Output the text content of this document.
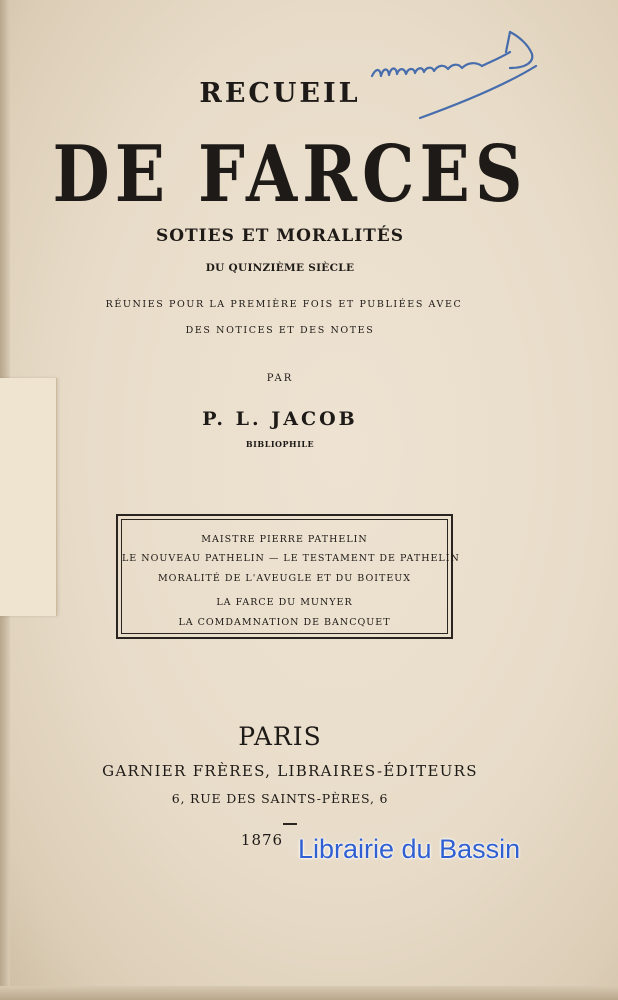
RECUEIL
DE FARCES
SOTIES ET MORALITÉS
DU QUINZIÈME SIÈCLE
RÉUNIES POUR LA PREMIÈRE FOIS ET PUBLIÉES AVEC
DES NOTICES ET DES NOTES
PAR
P. L. JACOB
BIBLIOPHILE
MAISTRE PIERRE PATHELIN
LE NOUVEAU PATHELIN — LE TESTAMENT DE PATHELIN
MORALITÉ DE L'AVEUGLE ET DU BOITEUX
LA FARCE DU MUNYER
LA COMDAMNATION DE BANCQUET
PARIS
GARNIER FRÈRES, LIBRAIRES-ÉDITEURS
6, RUE DES SAINTS-PÈRES, 6
1876 Librairie du Bassin
